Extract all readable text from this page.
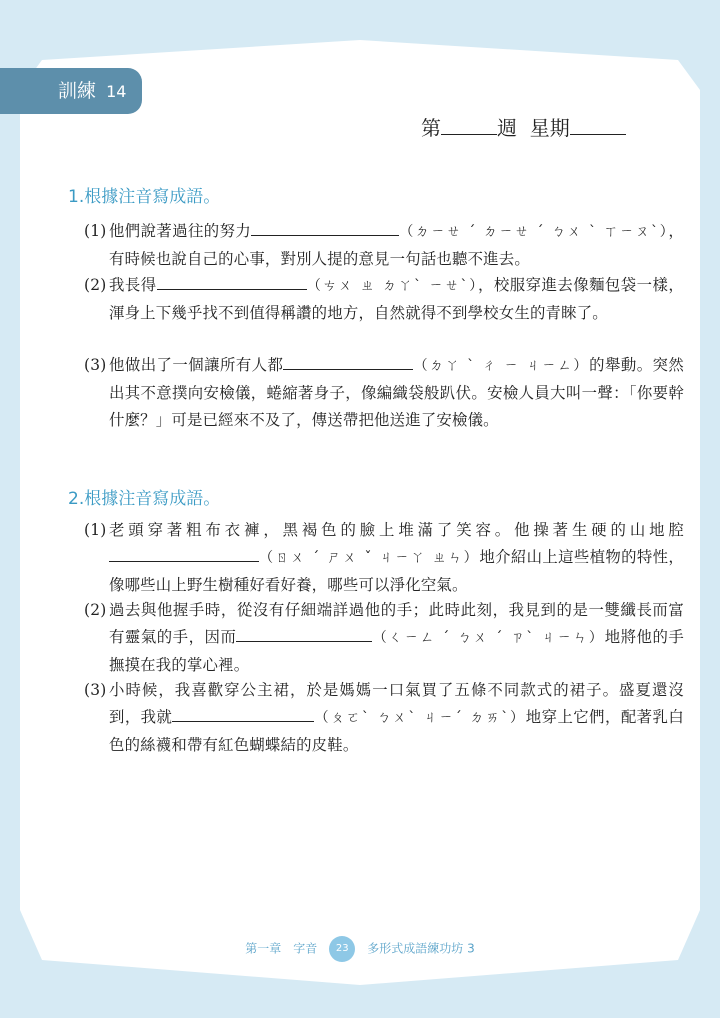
訓練 14
第	週 星期
1.根據注音寫成語。
(1) 他們說著過往的努力	（ㄉㄧㄝ ˊ ㄉㄧㄝ ˊ ㄅㄨ ˋ ㄒㄧㄡˋ），有時候也說自己的心事，對別人提的意見一句話也聽不進去。
(2) 我長得	（ㄘㄨ ㄓ ㄉㄚˋ ㄧㄝˋ），校服穿進去像麵包袋一樣，渾身上下幾乎找不到值得稱讚的地方，自然就得不到學校女生的青睞了。
(3) 他做出了一個讓所有人都	（ㄉㄚ ˋ ㄔ ㄧ ㄐㄧㄥ）的舉動。突然出其不意撲向安檢儀，蜷縮著身子，像編織袋般趴伏。安檢人員大叫一聲：「你要幹什麼？」可是已經來不及了，傳送帶把他送進了安檢儀。
2.根據注音寫成語。
(1) 老頭穿著粗布衣褲，黑褐色的臉上堆滿了笑容。他操著生硬的山地腔（ㄖㄨ ˊ ㄕㄨ ˇ ㄐㄧㄚ ㄓㄣ）地介紹山上這些植物的特性，像哪些山上野生樹種好看好養，哪些可以淨化空氣。
(2) 過去與他握手時，從沒有仔細端詳過他的手；此時此刻，我見到的是一雙纖長而富有靈氣的手，因而	（ㄑㄧㄥ ˊ ㄅㄨ ˊ ㄗˋ ㄐㄧㄣ）地將他的手撫摸在我的掌心裡。
(3) 小時候，我喜歡穿公主裙，於是媽媽一口氣買了五條不同款式的裙子。盛夏還沒到，我就	（ㄆㄛˋ ㄅㄨˋ ㄐㄧˊ ㄉㄞˋ）地穿上它們，配著乳白色的絲襪和帶有紅色蝴蝶結的皮鞋。
第一章　字音 23 多形式成語練功坊 3
